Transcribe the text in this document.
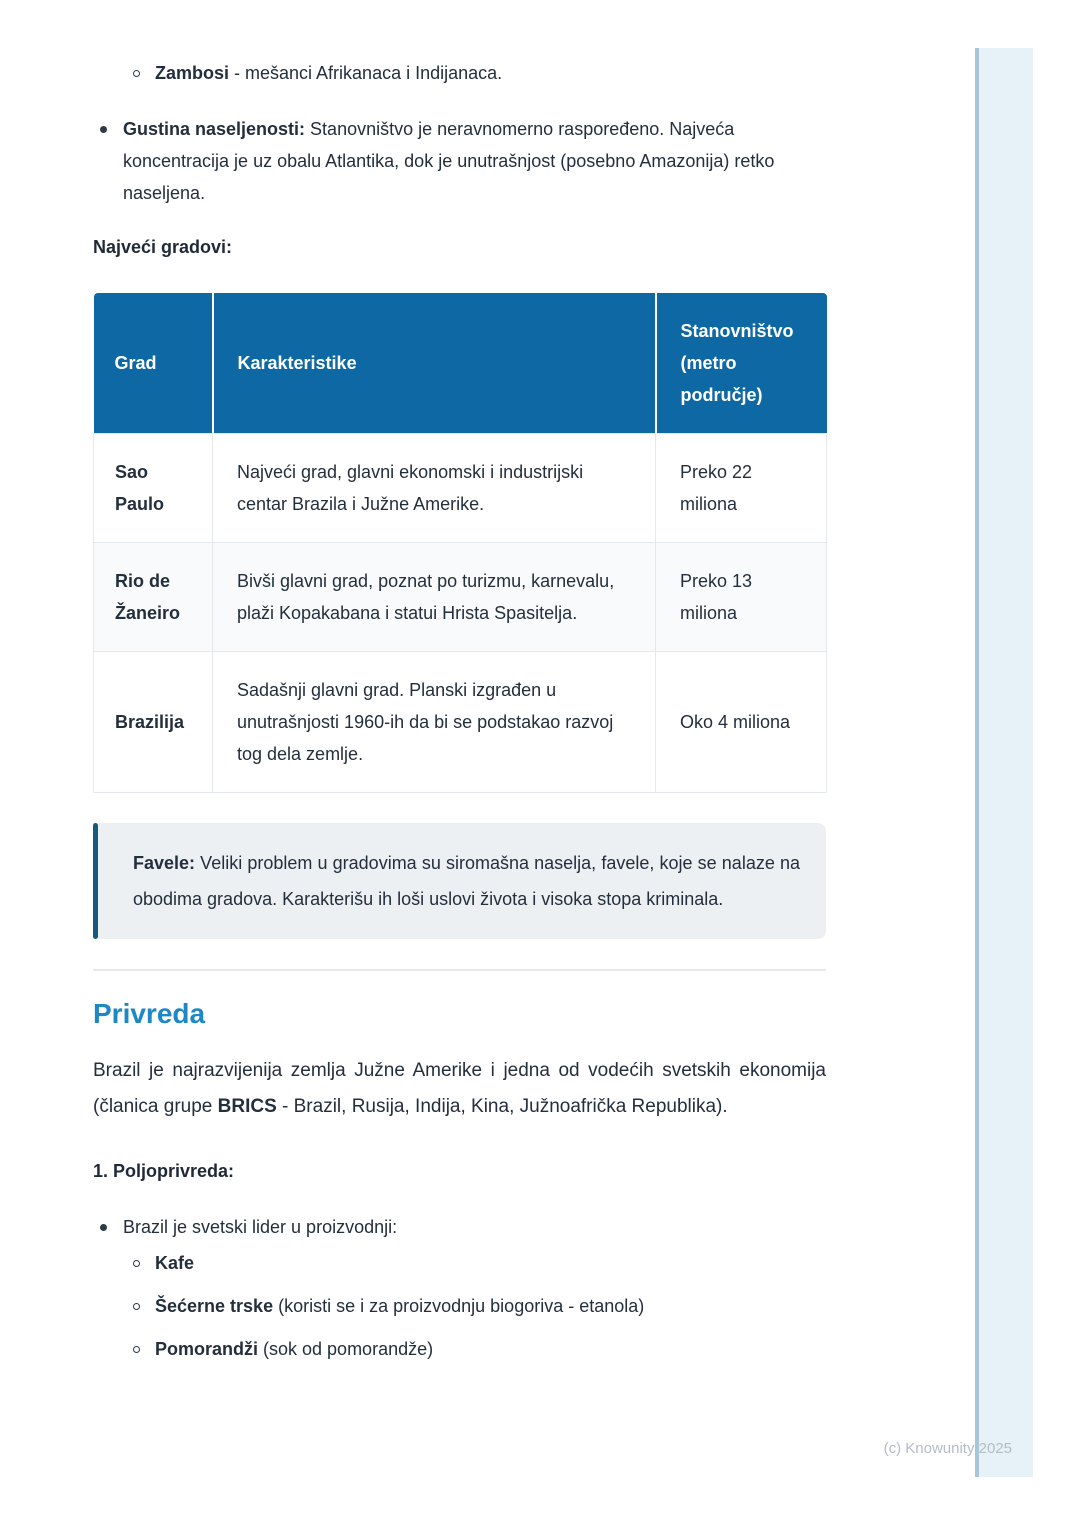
Zambosi - mešanci Afrikanaca i Indijanaca.
Gustina naseljenosti: Stanovništvo je neravnomerno raspoređeno. Najveća koncentracija je uz obalu Atlantika, dok je unutrašnjost (posebno Amazonija) retko naseljena.
Najveći gradovi:
Grad	Karakteristike	Stanovništvo (metro područje)
Sao Paulo	Najveći grad, glavni ekonomski i industrijski centar Brazila i Južne Amerike.	Preko 22 miliona
Rio de Žaneiro	Bivši glavni grad, poznat po turizmu, karnevalu, plaži Kopakabana i statui Hrista Spasitelja.	Preko 13 miliona
Brazilija	Sadašnji glavni grad. Planski izgrađen u unutrašnjosti 1960-ih da bi se podstakao razvoj tog dela zemlje.	Oko 4 miliona
Favele: Veliki problem u gradovima su siromašna naselja, favele, koje se nalaze na obodima gradova. Karakterišu ih loši uslovi života i visoka stopa kriminala.
Privreda
Brazil je najrazvijenija zemlja Južne Amerike i jedna od vodećih svetskih ekonomija (članica grupe BRICS - Brazil, Rusija, Indija, Kina, Južnoafrička Republika).
1. Poljoprivreda:
Brazil je svetski lider u proizvodnji:
Kafe
Šećerne trske (koristi se i za proizvodnju biogoriva - etanola)
Pomorandži (sok od pomorandže)
(c) Knowunity 2025
